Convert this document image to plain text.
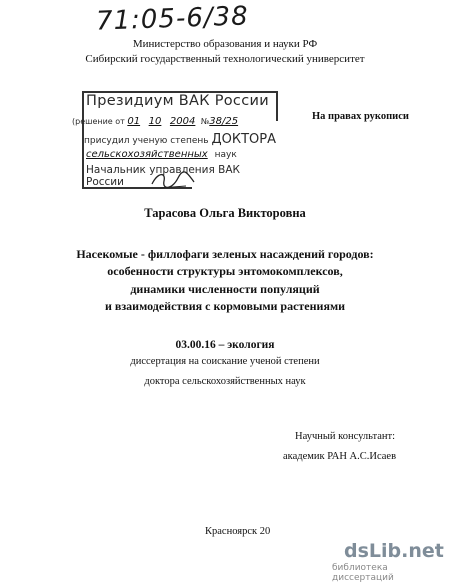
71:05-6/38
Министерство образования и науки РФ
Сибирский государственный технологический университет
Президиум ВАК России
(решение от 01 10 2004 №38/25
присудил ученую степень ДОКТОРА
сельскохозяйственных наук
Начальник управления ВАК России
На правах рукописи
Тарасова Ольга Викторовна
Насекомые - филлофаги зеленых насаждений городов:
особенности структуры энтомокомплексов,
динамики численности популяций
и взаимодействия с кормовыми растениями
03.00.16 – экология
диссертация на соискание ученой степени
доктора сельскохозяйственных наук
Научный консультант:
академик РАН А.С.Исаев
Красноярск 20
dsLib.net
библиотека диссертаций
